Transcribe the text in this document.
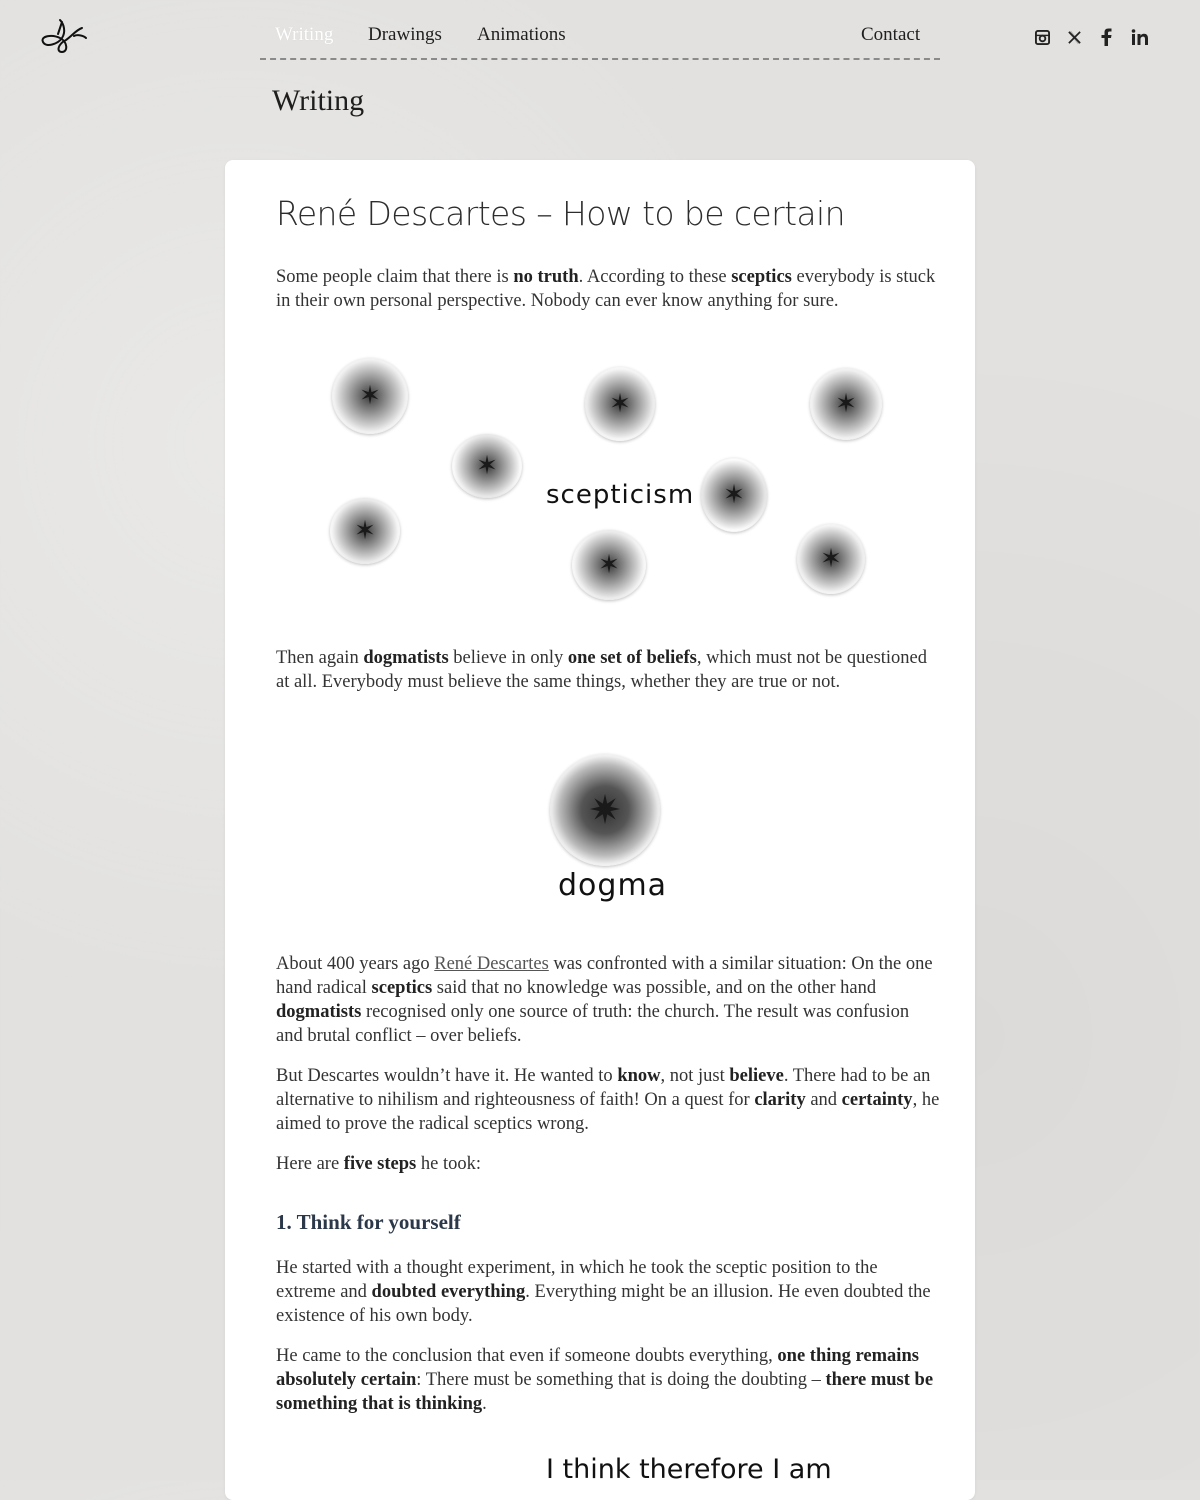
Writing Drawings Animations	Contact
Writing
René Descartes – How to be certain

Some people claim that there is no truth. According to these sceptics everybody is stuck in their own personal perspective. Nobody can ever know anything for sure.

✶	✶	✶
✶
✶
✶
✶	✶
scepticism

Then again dogmatists believe in only one set of beliefs, which must not be questioned at all. Everybody must believe the same things, whether they are true or not.

✷
dogma

About 400 years ago René Descartes was confronted with a similar situation: On the one hand radical sceptics said that no knowledge was possible, and on the other hand dogmatists recognised only one source of truth: the church. The result was confusion and brutal conflict – over beliefs.

But Descartes wouldn’t have it. He wanted to know, not just believe. There had to be an alternative to nihilism and righteousness of faith! On a quest for clarity and certainty, he aimed to prove the radical sceptics wrong.

Here are five steps he took:

1. Think for yourself

He started with a thought experiment, in which he took the sceptic position to the extreme and doubted everything. Everything might be an illusion. He even doubted the existence of his own body.

He came to the conclusion that even if someone doubts everything, one thing remains absolutely certain: There must be something that is doing the doubting – there must be something that is thinking.

I think therefore I am
